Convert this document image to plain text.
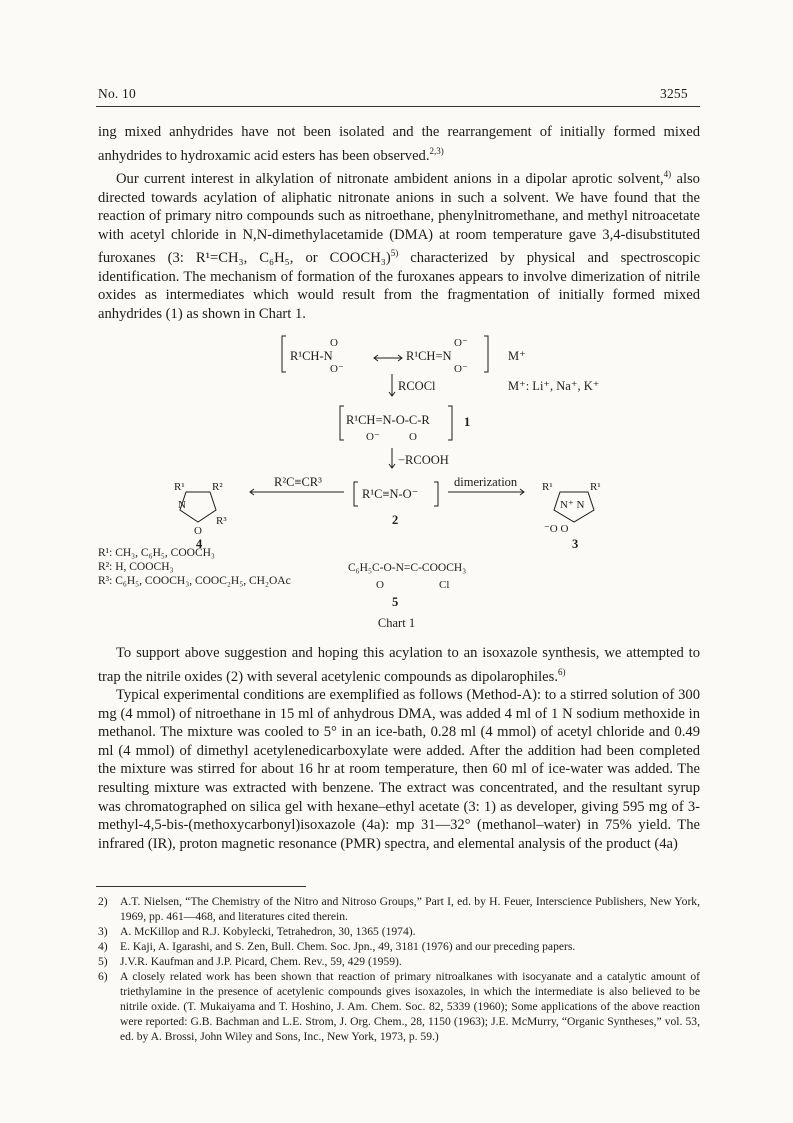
No. 10	3255

ing mixed anhydrides have not been isolated and the rearrangement of initially formed mixed anhydrides to hydroxamic acid esters has been observed.$^{2,3)}$

Our current interest in alkylation of nitronate ambident anions in a dipolar aprotic solvent,$^{4)}$ also directed towards acylation of aliphatic nitronate anions in such a solvent. We have found that the reaction of primary nitro compounds such as nitroethane, phenylnitromethane, and methyl nitroacetate with acetyl chloride in N,N-dimethylacetamide (DMA) at room temperature gave 3,4-disubstituted furoxanes (3: R¹=CH₃, C₆H₅, or COOCH₃)$^{5)}$ characterized by physical and spectroscopic identification. The mechanism of formation of the furoxanes appears to involve dimerization of nitrile oxides as intermediates which would result from the fragmentation of initially formed mixed anhydrides (1) as shown in Chart 1.

R¹CH-N
O
O⁻
R¹CH=N
O⁻
O⁻
M⁺
RCOCl	M⁺: Li⁺, Na⁺, K⁺
R¹CH=N-O-C-R
O⁻	O
1
−RCOOH
R¹C≡N-O⁻
2
R²C≡CR³	dimerization
R¹ R²
N
O
R³
4
R¹	R¹
N⁺ N
⁻O O
3
R¹: CH₃, C₆H₅, COOCH₃
R²: H, COOCH₃
R³: C₆H₅, COOCH₃, COOC₂H₅, CH₂OAc
C₆H₅C-O-N=C-COOCH₃
O	Cl
5
Chart 1

To support above suggestion and hoping this acylation to an isoxazole synthesis, we attempted to trap the nitrile oxides (2) with several acetylenic compounds as dipolarophiles.$^{6)}$

Typical experimental conditions are exemplified as follows (Method-A): to a stirred solution of 300 mg (4 mmol) of nitroethane in 15 ml of anhydrous DMA, was added 4 ml of 1 N sodium methoxide in methanol. The mixture was cooled to 5° in an ice-bath, 0.28 ml (4 mmol) of acetyl chloride and 0.49 ml (4 mmol) of dimethyl acetylenedicarboxylate were added. After the addition had been completed the mixture was stirred for about 16 hr at room temperature, then 60 ml of ice-water was added. The resulting mixture was extracted with benzene. The extract was concentrated, and the resultant syrup was chromatographed on silica gel with hexane–ethyl acetate (3: 1) as developer, giving 595 mg of 3-methyl-4,5-bis-(methoxycarbonyl)isoxazole (4a): mp 31—32° (methanol–water) in 75% yield. The infrared (IR), proton magnetic resonance (PMR) spectra, and elemental analysis of the product (4a)

2) A.T. Nielsen, “The Chemistry of the Nitro and Nitroso Groups,” Part I, ed. by H. Feuer, Interscience Publishers, New York, 1969, pp. 461—468, and literatures cited therein.
3) A. McKillop and R.J. Kobylecki, Tetrahedron, 30, 1365 (1974).
4) E. Kaji, A. Igarashi, and S. Zen, Bull. Chem. Soc. Jpn., 49, 3181 (1976) and our preceding papers.
5) J.V.R. Kaufman and J.P. Picard, Chem. Rev., 59, 429 (1959).
6) A closely related work has been shown that reaction of primary nitroalkanes with isocyanate and a catalytic amount of triethylamine in the presence of acetylenic compounds gives isoxazoles, in which the intermediate is also believed to be nitrile oxide. (T. Mukaiyama and T. Hoshino, J. Am. Chem. Soc. 82, 5339 (1960); Some applications of the above reaction were reported: G.B. Bachman and L.E. Strom, J. Org. Chem., 28, 1150 (1963); J.E. McMurry, “Organic Syntheses,” vol. 53, ed. by A. Brossi, John Wiley and Sons, Inc., New York, 1973, p. 59.)
